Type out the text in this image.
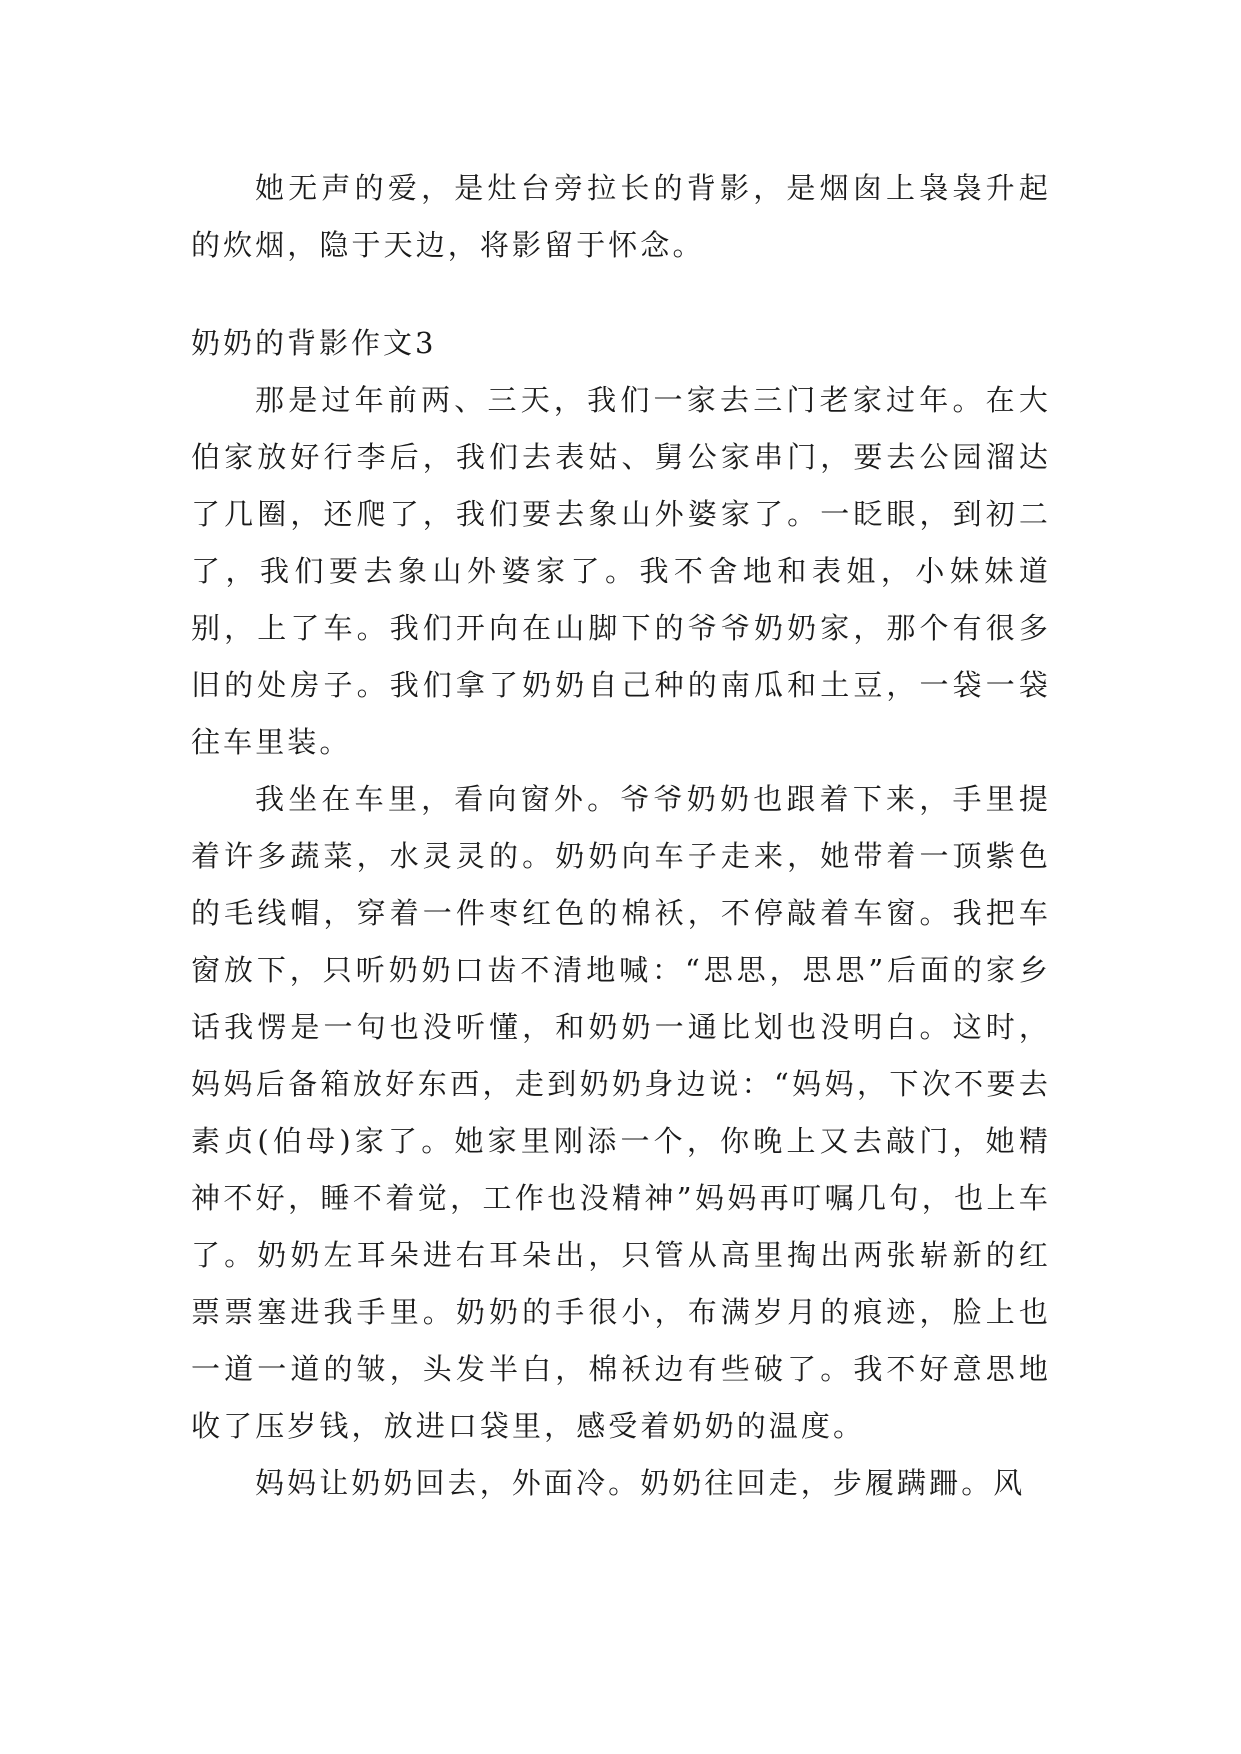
她无声的爱，是灶台旁拉长的背影，是烟囱上袅袅升起的炊烟，隐于天边，将影留于怀念。

奶奶的背影作文3

那是过年前两、三天，我们一家去三门老家过年。在大伯家放好行李后，我们去表姑、舅公家串门，要去公园溜达了几圈，还爬了，我们要去象山外婆家了。一眨眼，到初二了，我们要去象山外婆家了。我不舍地和表姐，小妹妹道别，上了车。我们开向在山脚下的爷爷奶奶家，那个有很多旧的处房子。我们拿了奶奶自己种的南瓜和土豆，一袋一袋往车里装。

我坐在车里，看向窗外。爷爷奶奶也跟着下来，手里提着许多蔬菜，水灵灵的。奶奶向车子走来，她带着一顶紫色的毛线帽，穿着一件枣红色的棉袄，不停敲着车窗。我把车窗放下，只听奶奶口齿不清地喊：“思思，思思”后面的家乡话我愣是一句也没听懂，和奶奶一通比划也没明白。这时，妈妈后备箱放好东西，走到奶奶身边说：“妈妈，下次不要去素贞(伯母)家了。她家里刚添一个，你晚上又去敲门，她精神不好，睡不着觉，工作也没精神”妈妈再叮嘱几句，也上车了。奶奶左耳朵进右耳朵出，只管从高里掏出两张崭新的红票票塞进我手里。奶奶的手很小，布满岁月的痕迹，脸上也一道一道的皱，头发半白，棉袄边有些破了。我不好意思地收了压岁钱，放进口袋里，感受着奶奶的温度。

妈妈让奶奶回去，外面冷。奶奶往回走，步履蹒跚。风
